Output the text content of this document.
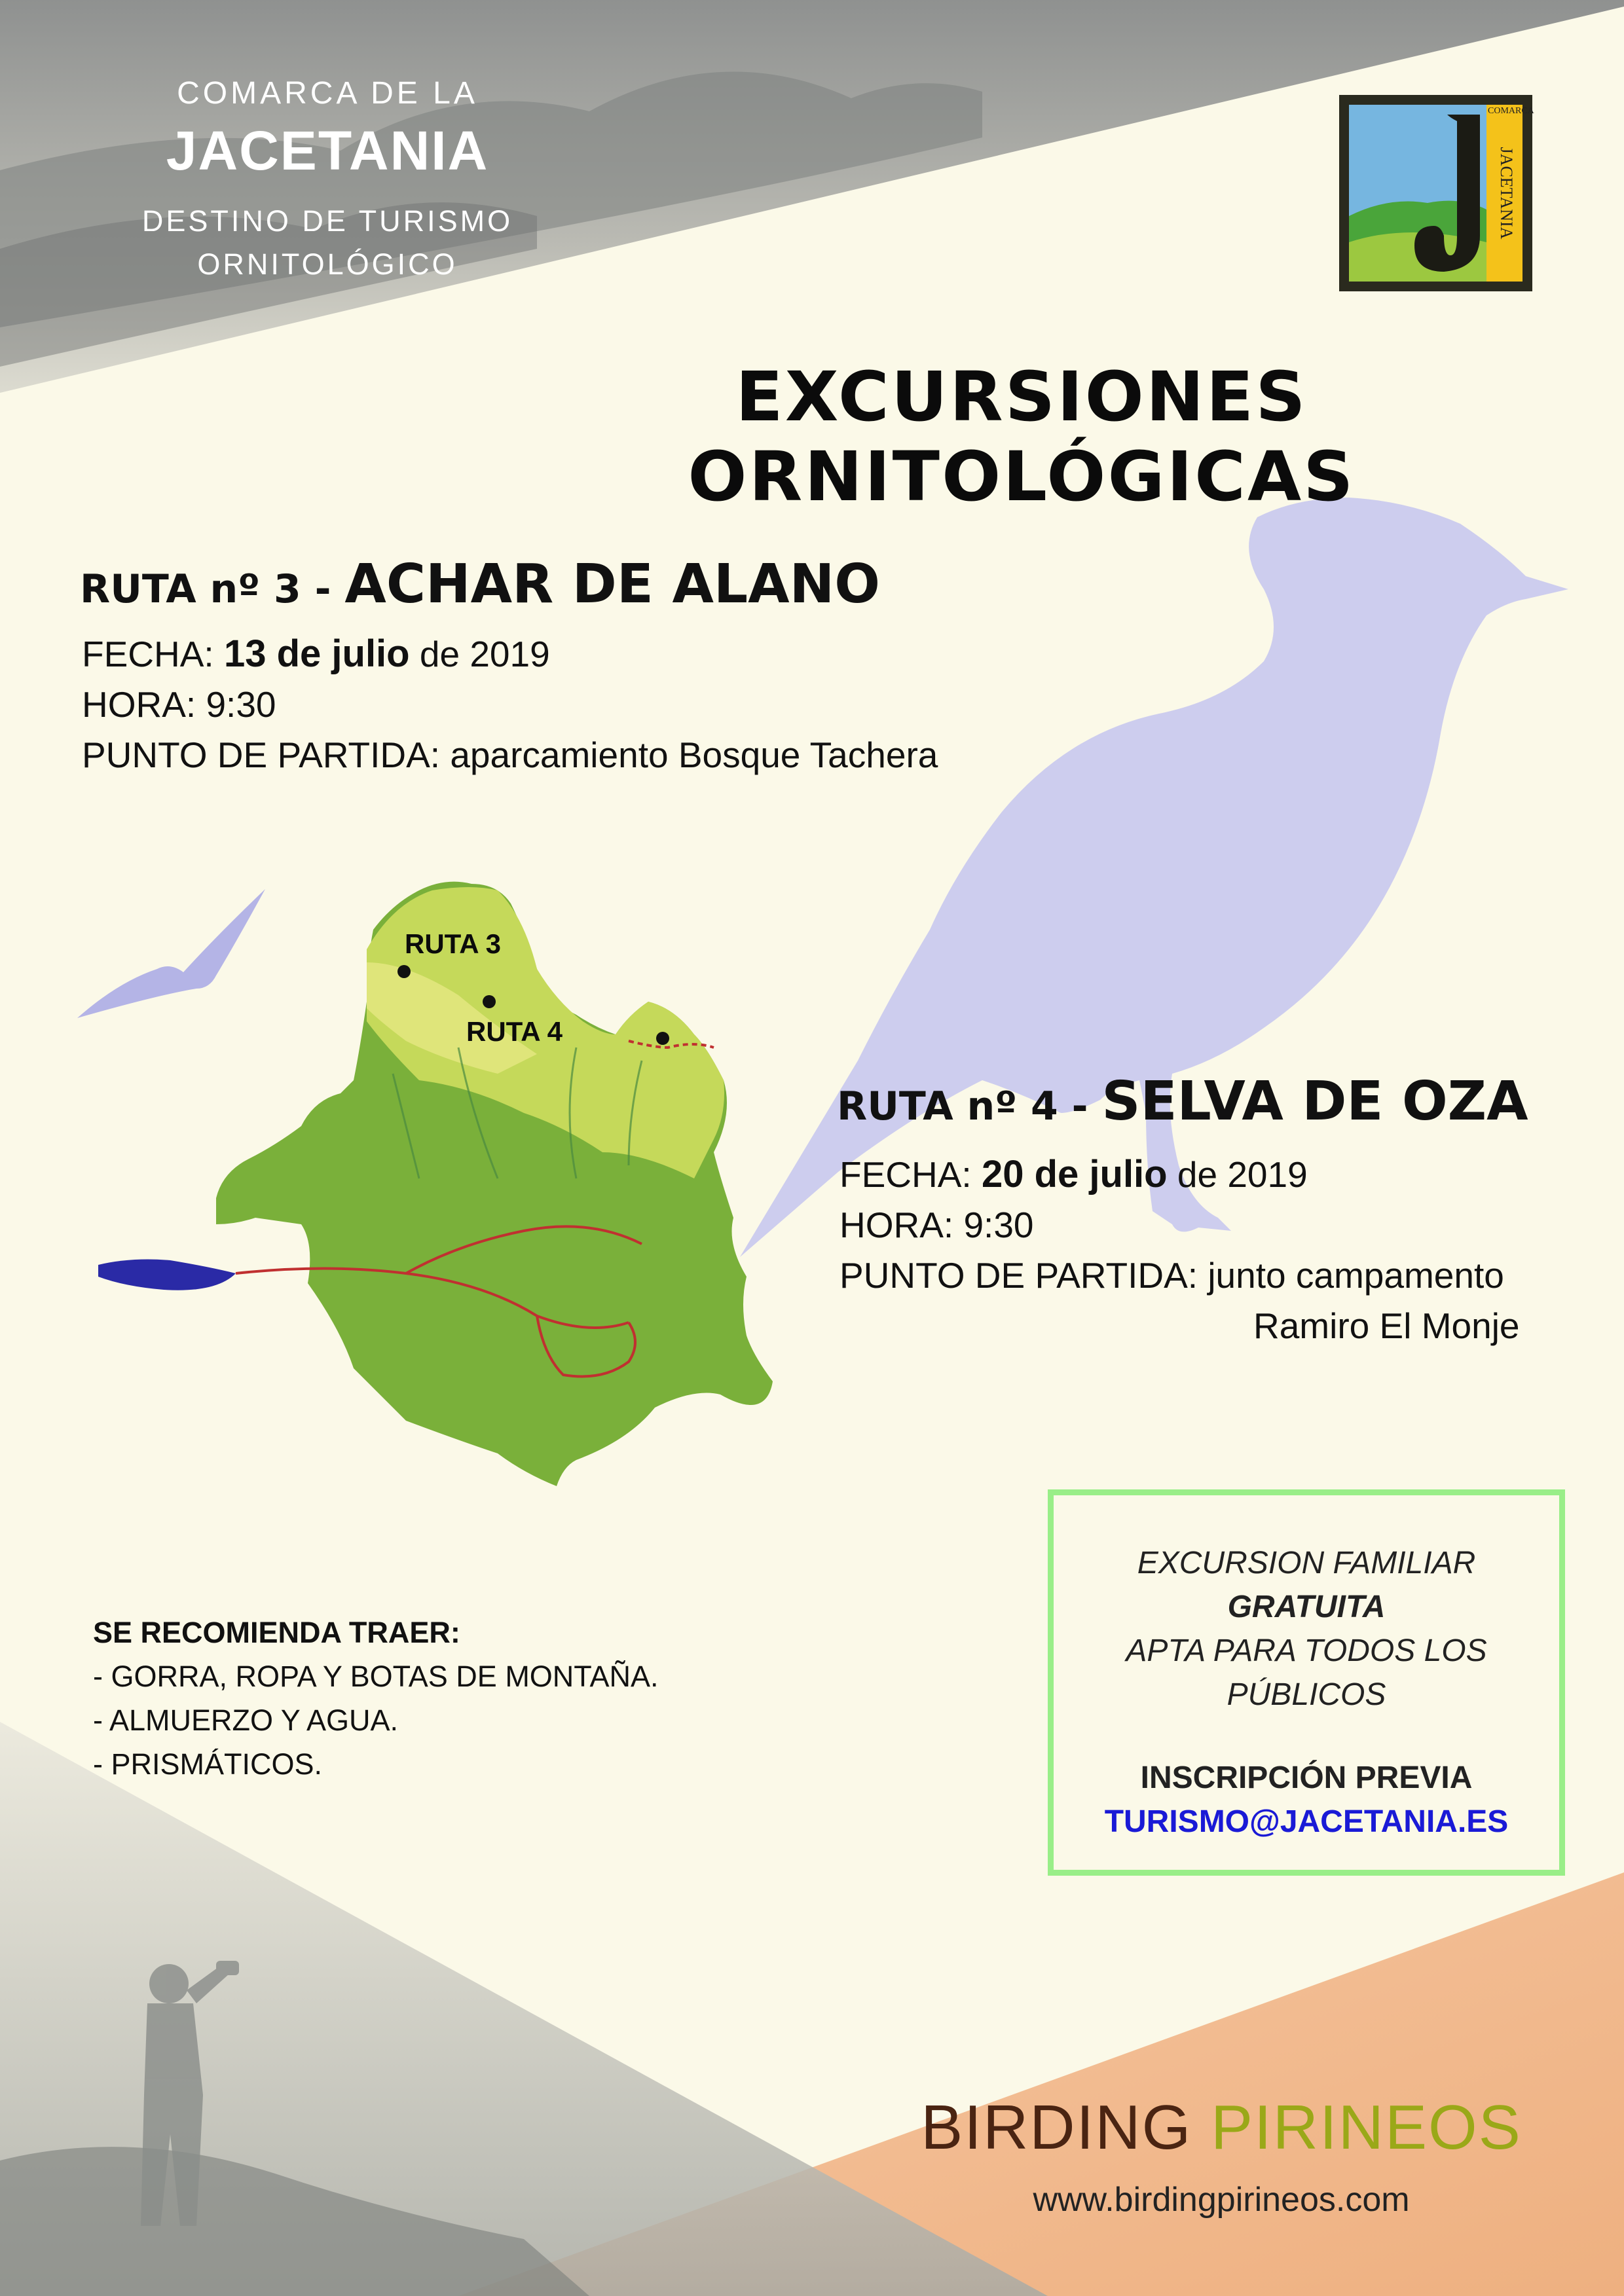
COMARCA DE LA
JACETANIA
DESTINO DE TURISMO
ORNITOLÓGICO
COMARCA
JACETANIA
EXCURSIONES ORNITOLÓGICAS
RUTA nº 3 - ACHAR DE ALANO
FECHA: 13 de julio de 2019
HORA: 9:30
PUNTO DE PARTIDA: aparcamiento Bosque Tachera
RUTA 3
RUTA 4
RUTA nº 4 - SELVA DE OZA
FECHA: 20 de julio de 2019
HORA: 9:30
PUNTO DE PARTIDA: junto campamento
Ramiro El Monje
SE RECOMIENDA TRAER:
- GORRA, ROPA Y BOTAS DE MONTAÑA.
- ALMUERZO Y AGUA.
- PRISMÁTICOS.
EXCURSION FAMILIAR
GRATUITA
APTA PARA TODOS LOS
PÚBLICOS
INSCRIPCIÓN PREVIA
TURISMO@JACETANIA.ES
BIRDING PIRINEOS
www.birdingpirineos.com
